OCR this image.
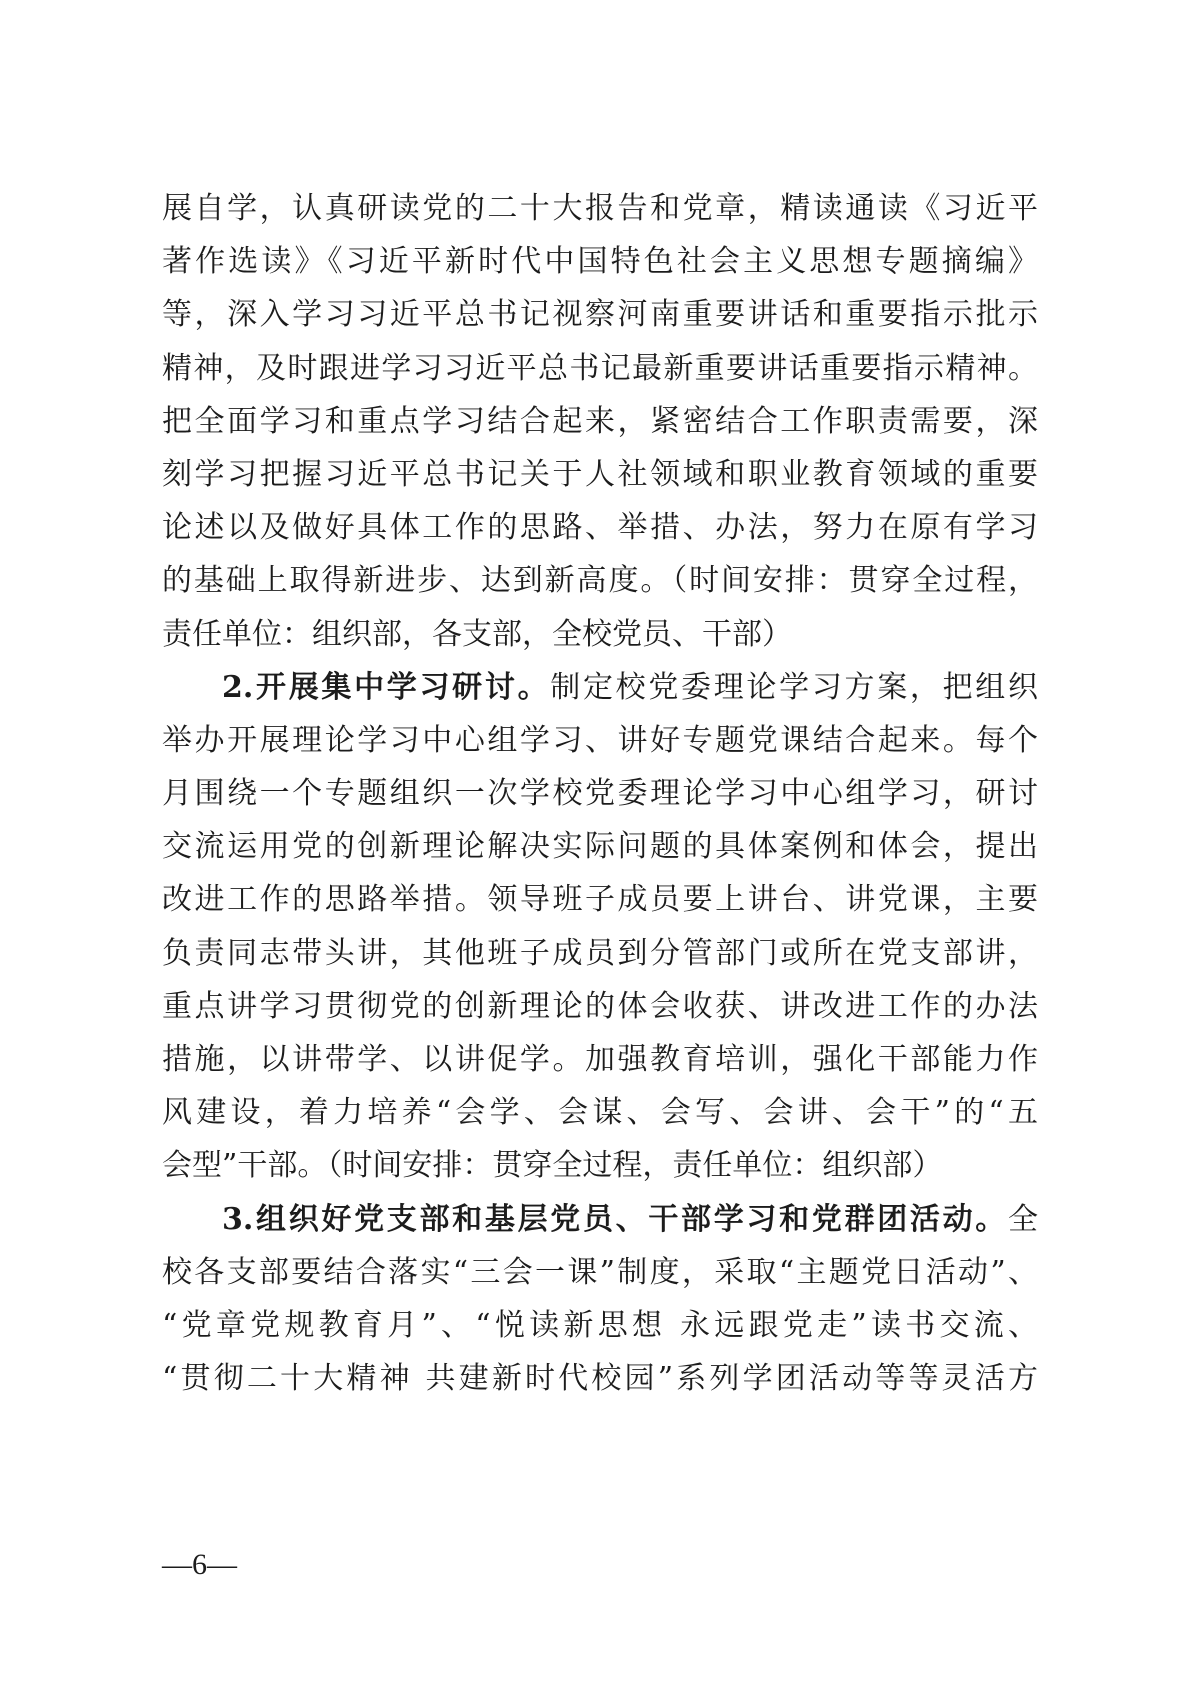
展自学，认真研读党的二十大报告和党章，精读通读《习近平
著作选读》《习近平新时代中国特色社会主义思想专题摘编》
等，深入学习习近平总书记视察河南重要讲话和重要指示批示
精神，及时跟进学习习近平总书记最新重要讲话重要指示精神。
把全面学习和重点学习结合起来，紧密结合工作职责需要，深
刻学习把握习近平总书记关于人社领域和职业教育领域的重要
论述以及做好具体工作的思路、举措、办法，努力在原有学习
的基础上取得新进步、达到新高度。（时间安排：贯穿全过程，
责任单位：组织部，各支部，全校党员、干部）
2.开展集中学习研讨。制定校党委理论学习方案，把组织
举办开展理论学习中心组学习、讲好专题党课结合起来。每个
月围绕一个专题组织一次学校党委理论学习中心组学习，研讨
交流运用党的创新理论解决实际问题的具体案例和体会，提出
改进工作的思路举措。领导班子成员要上讲台、讲党课，主要
负责同志带头讲，其他班子成员到分管部门或所在党支部讲，
重点讲学习贯彻党的创新理论的体会收获、讲改进工作的办法
措施，以讲带学、以讲促学。加强教育培训，强化干部能力作
风建设，着力培养“会学、会谋、会写、会讲、会干”的“五
会型”干部。（时间安排：贯穿全过程，责任单位：组织部）
3.组织好党支部和基层党员、干部学习和党群团活动。全
校各支部要结合落实“三会一课”制度，采取“主题党日活动”、
“党章党规教育月”、“悦读新思想 永远跟党走”读书交流、
“贯彻二十大精神 共建新时代校园”系列学团活动等等灵活方
—6—
